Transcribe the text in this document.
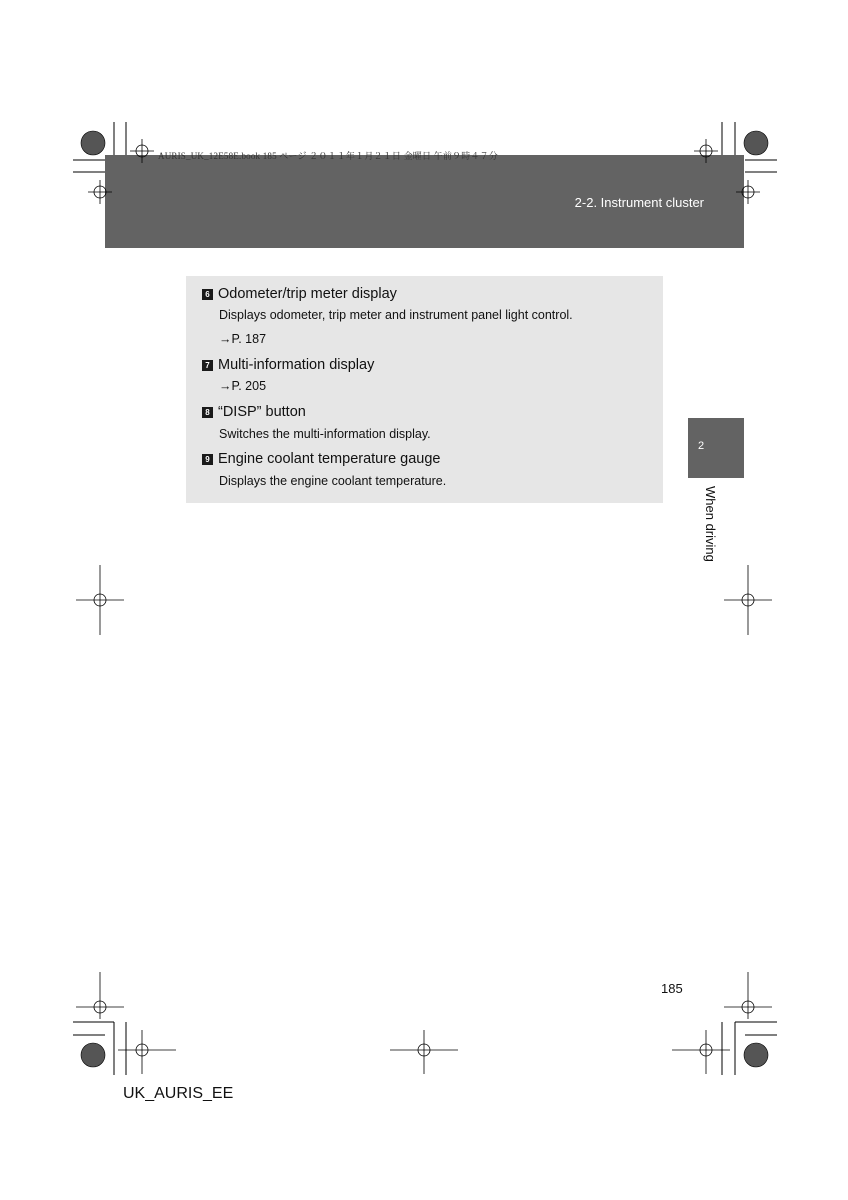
AURIS_UK_12E58E.book 185 ページ ２０１１年１月２１日 金曜日 午前９時４７分
2-2. Instrument cluster
6 Odometer/trip meter display
Displays odometer, trip meter and instrument panel light control.
→P. 187
7 Multi-information display
→P. 205
8 “DISP” button
Switches the multi-information display.
9 Engine coolant temperature gauge
Displays the engine coolant temperature.
2
When driving
185
UK_AURIS_EE
